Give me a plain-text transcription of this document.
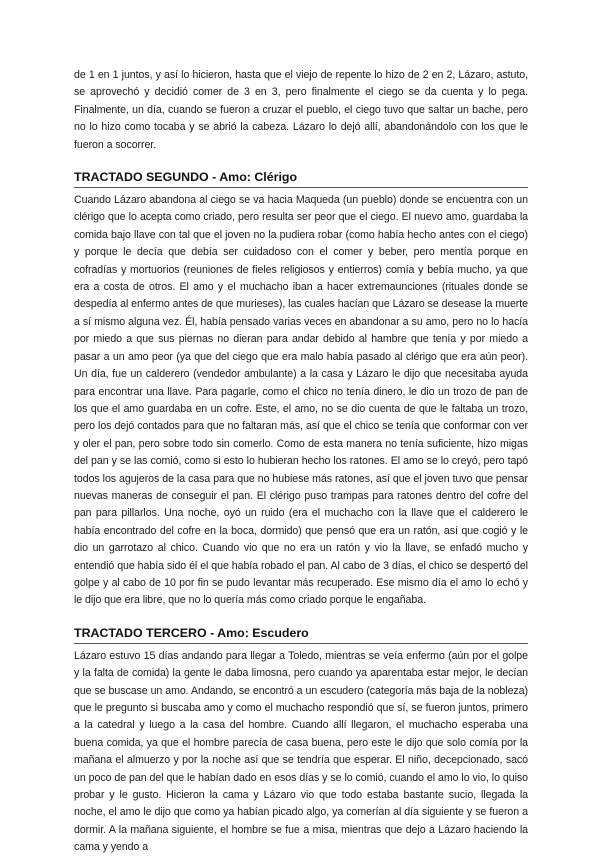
de 1 en 1 juntos, y así lo hicieron, hasta que el viejo de repente lo hizo de 2 en 2, Lázaro, astuto, se aprovechó y decidió comer de 3 en 3, pero finalmente el ciego se da cuenta y lo pega. Finalmente, un día, cuando se fueron a cruzar el pueblo, el ciego tuvo que saltar un bache, pero no lo hizo como tocaba y se abrió la cabeza. Lázaro lo dejó allí, abandonándolo con los que le fueron a socorrer.

TRACTADO SEGUNDO - Amo: Clérigo

Cuando Lázaro abandona al ciego se va hacia Maqueda (un pueblo) donde se encuentra con un clérigo que lo acepta como criado, pero resulta ser peor que el ciego. El nuevo amo, guardaba la comida bajo llave con tal que el joven no la pudiera robar (como había hecho antes con el ciego) y porque le decía que debía ser cuidadoso con el comer y beber, pero mentía porque en cofradías y mortuorios (reuniones de fieles religiosos y entierros) comía y bebía mucho, ya que era a costa de otros. El amo y el muchacho iban a hacer extremaunciones (rituales donde se despedía al enfermo antes de que murieses), las cuales hacían que Lázaro se desease la muerte a sí mismo alguna vez. Él, había pensado varias veces en abandonar a su amo, pero no lo hacía por miedo a que sus piernas no dieran para andar debido al hambre que tenía y por miedo a pasar a un amo peor (ya que del ciego que era malo había pasado al clérigo que era aún peor). Un día, fue un calderero (vendedor ambulante) a la casa y Lázaro le dijo que necesitaba ayuda para encontrar una llave. Para pagarle, como el chico no tenía dinero, le dio un trozo de pan de los que el amo guardaba en un cofre. Este, el amo, no se dio cuenta de que le faltaba un trozo, pero los dejó contados para que no faltaran más, así que el chico se tenía que conformar con ver y oler el pan, pero sobre todo sin comerlo. Como de esta manera no tenía suficiente, hizo migas del pan y se las comió, como si esto lo hubieran hecho los ratones. El amo se lo creyó, pero tapó todos los agujeros de la casa para que no hubiese más ratones, así que el joven tuvo que pensar nuevas maneras de conseguir el pan. El clérigo puso trampas para ratones dentro del cofre del pan para pillarlos. Una noche, oyó un ruido (era el muchacho con la llave que el calderero le había encontrado del cofre en la boca, dormido) que pensó que era un ratón, así que cogió y le dio un garrotazo al chico. Cuando vio que no era un ratón y vio la llave, se enfadó mucho y entendió que había sido él el que había robado el pan. Al cabo de 3 días, el chico se despertó del golpe y al cabo de 10 por fin se pudo levantar más recuperado. Ese mismo día el amo lo echó y le dijo que era libre, que no lo quería más como criado porque le engañaba.

TRACTADO TERCERO - Amo: Escudero

Lázaro estuvo 15 días andando para llegar a Toledo, mientras se veía enfermo (aún por el golpe y la falta de comida) la gente le daba limosna, pero cuando ya aparentaba estar mejor, le decían que se buscase un amo. Andando, se encontró a un escudero (categoría más baja de la nobleza) que le pregunto si buscaba amo y como el muchacho respondió que sí, se fueron juntos, primero a la catedral y luego a la casa del hombre. Cuando allí llegaron, el muchacho esperaba una buena comida, ya que el hombre parecía de casa buena, pero este le dijo que solo comía por la mañana el almuerzo y por la noche así que se tendría que esperar. El niño, decepcionado, sacó un poco de pan del que le habían dado en esos días y se lo comió, cuando el amo lo vio, lo quiso probar y le gusto. Hicieron la cama y Lázaro vio que todo estaba bastante sucio, llegada la noche, el amo le dijo que como ya habían picado algo, ya comerían al día siguiente y se fueron a dormir. A la mañana siguiente, el hombre se fue a misa, mientras que dejo a Lázaro haciendo la cama y yendo a
